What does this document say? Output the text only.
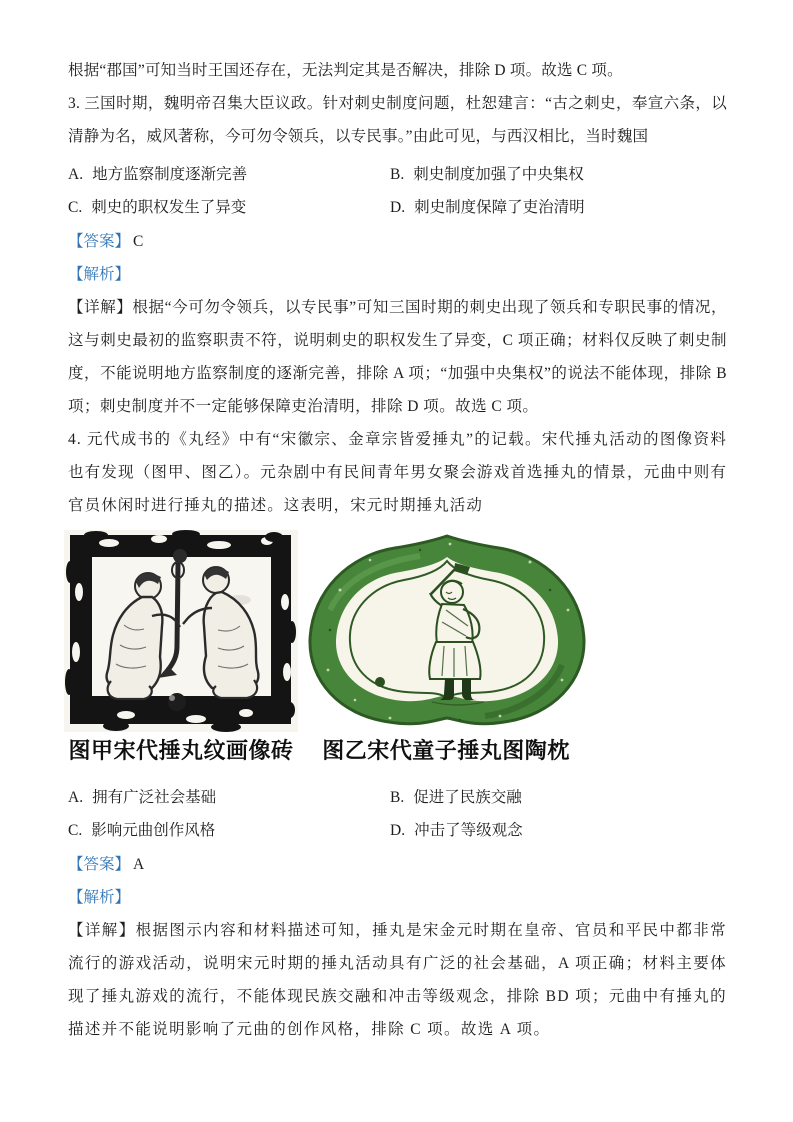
根据“郡国”可知当时王国还存在，无法判定其是否解决，排除 D 项。故选 C 项。

3. 三国时期，魏明帝召集大臣议政。针对刺史制度问题，杜恕建言：“古之刺史，奉宣六条，以清静为名，威风著称，今可勿令领兵，以专民事。”由此可见，与西汉相比，当时魏国

A. 地方监察制度逐渐完善	B. 刺史制度加强了中央集权
C. 刺史的职权发生了异变	D. 刺史制度保障了吏治清明

【答案】 C

【解析】

【详解】根据“今可勿令领兵，以专民事”可知三国时期的刺史出现了领兵和专职民事的情况，这与刺史最初的监察职责不符，说明刺史的职权发生了异变，C 项正确；材料仅反映了刺史制度，不能说明地方监察制度的逐渐完善，排除 A 项；“加强中央集权”的说法不能体现，排除 B 项；刺史制度并不一定能够保障吏治清明，排除 D 项。故选 C 项。

4. 元代成书的《丸经》中有“宋徽宗、金章宗皆爱捶丸”的记载。宋代捶丸活动的图像资料也有发现（图甲、图乙）。元杂剧中有民间青年男女聚会游戏首选捶丸的情景，元曲中则有官员休闲时进行捶丸的描述。这表明，宋元时期捶丸活动

图甲宋代捶丸纹画像砖 图乙宋代童子捶丸图陶枕
A. 拥有广泛社会基础	B. 促进了民族交融
C. 影响元曲创作风格	D. 冲击了等级观念

【答案】 A

【解析】

【详解】根据图示内容和材料描述可知，捶丸是宋金元时期在皇帝、官员和平民中都非常流行的游戏活动，说明宋元时期的捶丸活动具有广泛的社会基础，A 项正确；材料主要体现了捶丸游戏的流行，不能体现民族交融和冲击等级观念，排除 BD 项；元曲中有捶丸的描述并不能说明影响了元曲的创作风格，排除 C 项。故选 A 项。
